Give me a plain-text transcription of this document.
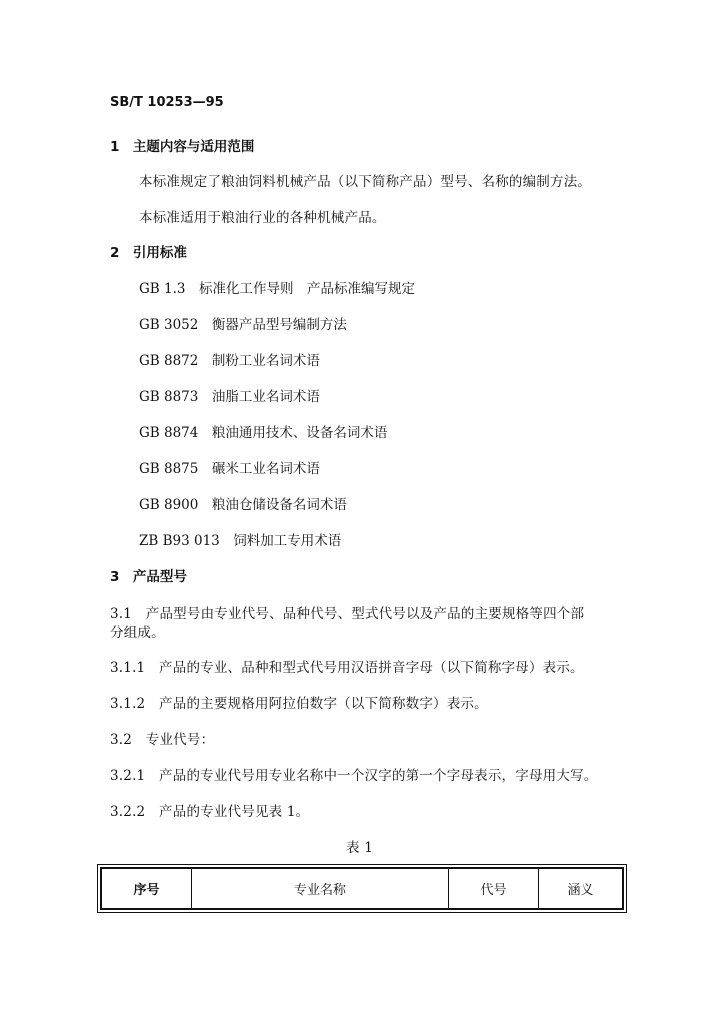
SB/T 10253—95
1　主题内容与适用范围
本标准规定了粮油饲料机械产品（以下简称产品）型号、名称的编制方法。
本标准适用于粮油行业的各种机械产品。
2　引用标准
GB 1.3　标准化工作导则　产品标准编写规定
GB 3052　衡器产品型号编制方法
GB 8872　制粉工业名词术语
GB 8873　油脂工业名词术语
GB 8874　粮油通用技术、设备名词术语
GB 8875　碾米工业名词术语
GB 8900　粮油仓储设备名词术语
ZB B93 013　饲料加工专用术语
3　产品型号
3.1　产品型号由专业代号、品种代号、型式代号以及产品的主要规格等四个部
分组成。
3.1.1　产品的专业、品种和型式代号用汉语拼音字母（以下简称字母）表示。
3.1.2　产品的主要规格用阿拉伯数字（以下简称数字）表示。
3.2　专业代号：
3.2.1　产品的专业代号用专业名称中一个汉字的第一个字母表示，字母用大写。
3.2.2　产品的专业代号见表 1。
表 1
序号	专业名称	代号	涵义
